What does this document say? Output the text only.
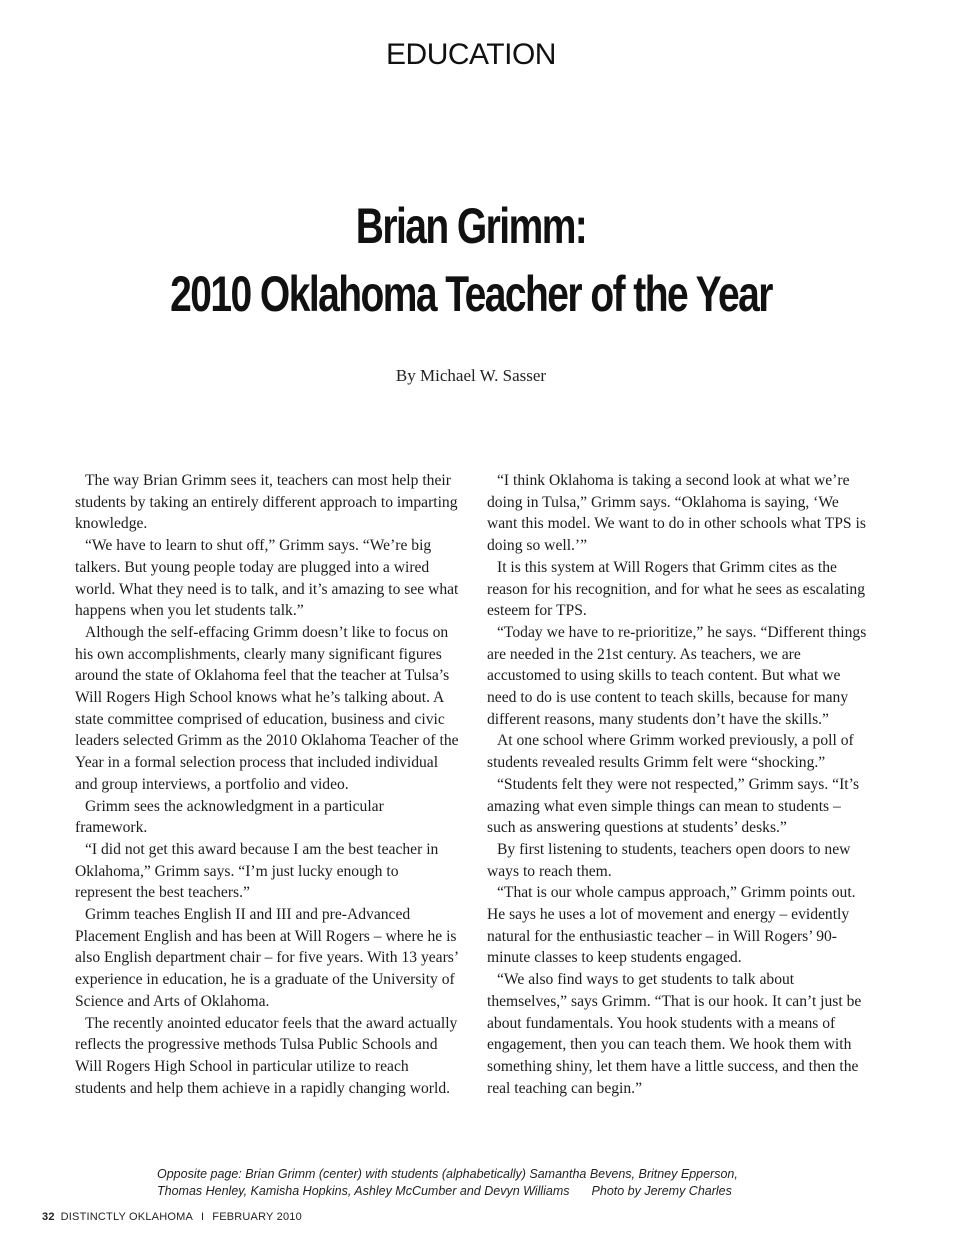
EDUCATION
Brian Grimm:
2010 Oklahoma Teacher of the Year
By Michael W. Sasser

The way Brian Grimm sees it, teachers can most help their students by taking an entirely different approach to imparting knowledge.

“We have to learn to shut off,” Grimm says. “We’re big talkers. But young people today are plugged into a wired world. What they need is to talk, and it’s amazing to see what happens when you let students talk.”

Although the self-effacing Grimm doesn’t like to focus on his own accomplishments, clearly many significant figures around the state of Oklahoma feel that the teacher at Tulsa’s Will Rogers High School knows what he’s talking about. A state committee comprised of education, business and civic leaders selected Grimm as the 2010 Oklahoma Teacher of the Year in a formal selection process that included individual and group interviews, a portfolio and video.

Grimm sees the acknowledgment in a particular framework.

“I did not get this award because I am the best teacher in Oklahoma,” Grimm says. “I’m just lucky enough to represent the best teachers.”

Grimm teaches English II and III and pre-Advanced Placement English and has been at Will Rogers – where he is also English department chair – for five years. With 13 years’ experience in education, he is a graduate of the University of Science and Arts of Oklahoma.

The recently anointed educator feels that the award actually reflects the progressive methods Tulsa Public Schools and Will Rogers High School in particular utilize to reach students and help them achieve in a rapidly changing world.

“I think Oklahoma is taking a second look at what we’re doing in Tulsa,” Grimm says. “Oklahoma is saying, ‘We want this model. We want to do in other schools what TPS is doing so well.’”

It is this system at Will Rogers that Grimm cites as the reason for his recognition, and for what he sees as escalating esteem for TPS.

“Today we have to re-prioritize,” he says. “Different things are needed in the 21st century. As teachers, we are accustomed to using skills to teach content. But what we need to do is use content to teach skills, because for many different reasons, many students don’t have the skills.”

At one school where Grimm worked previously, a poll of students revealed results Grimm felt were “shocking.”

“Students felt they were not respected,” Grimm says. “It’s amazing what even simple things can mean to students – such as answering questions at students’ desks.”

By first listening to students, teachers open doors to new ways to reach them.

“That is our whole campus approach,” Grimm points out. He says he uses a lot of movement and energy – evidently natural for the enthusiastic teacher – in Will Rogers’ 90-minute classes to keep students engaged.

“We also find ways to get students to talk about themselves,” says Grimm. “That is our hook. It can’t just be about fundamentals. You hook students with a means of engagement, then you can teach them. We hook them with something shiny, let them have a little success, and then the real teaching can begin.”

Opposite page: Brian Grimm (center) with students (alphabetically) Samantha Bevens, Britney Epperson,
Thomas Henley, Kamisha Hopkins, Ashley McCumber and Devyn Williams Photo by Jeremy Charles
32 DISTINCTLY OKLAHOMA I FEBRUARY 2010
